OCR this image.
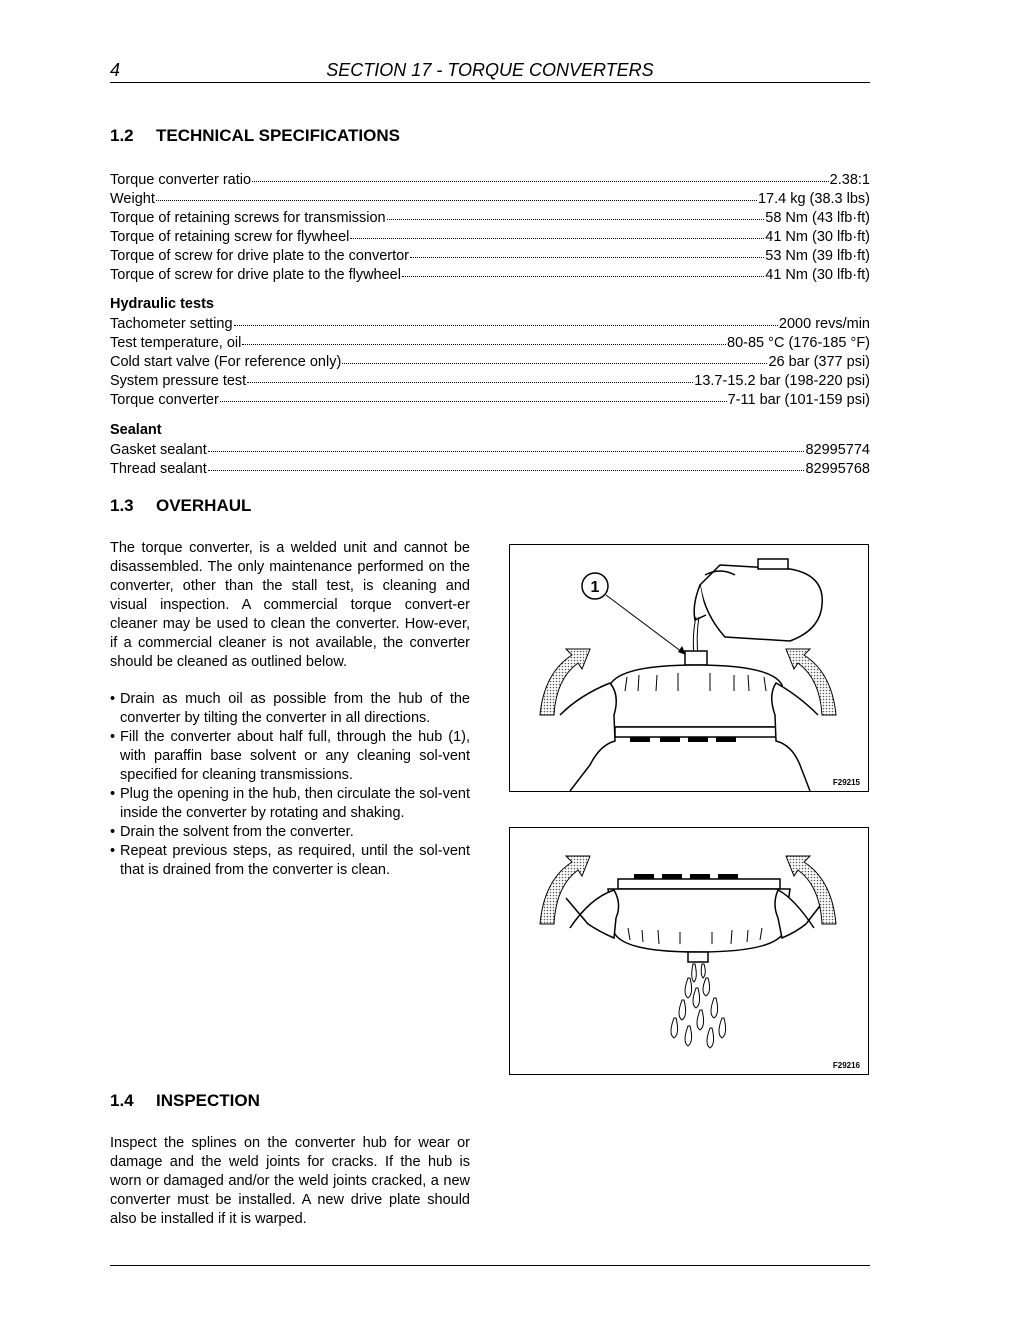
4	SECTION 17 - TORQUE CONVERTERS
1.2 TECHNICAL SPECIFICATIONS
Torque converter ratio	2.38:1
Weight	17.4 kg (38.3 lbs)
Torque of retaining screws for transmission	58 Nm (43 lfb·ft)
Torque of retaining screw for flywheel	41 Nm (30 lfb·ft)
Torque of screw for drive plate to the convertor	53 Nm (39 lfb·ft)
Torque of screw for drive plate to the flywheel	41 Nm (30 lfb·ft)
Hydraulic tests
Tachometer setting	2000 revs/min
Test temperature, oil	80-85 °C (176-185 °F)
Cold start valve (For reference only)	26 bar (377 psi)
System pressure test	13.7-15.2 bar (198-220 psi)
Torque converter	7-11 bar (101-159 psi)
Sealant
Gasket sealant	82995774
Thread sealant	82995768
1.3 OVERHAUL
The torque converter, is a welded unit and cannot be disassembled. The only maintenance performed on the converter, other than the stall test, is cleaning and visual inspection. A commercial torque convert-er cleaner may be used to clean the converter. How-ever, if a commercial cleaner is not available, the converter should be cleaned as outlined below.
• Drain as much oil as possible from the hub of the converter by tilting the converter in all directions.
• Fill the converter about half full, through the hub (1), with paraffin base solvent or any cleaning sol-vent specified for cleaning transmissions.
• Plug the opening in the hub, then circulate the sol-vent inside the converter by rotating and shaking.
• Drain the solvent from the converter.
• Repeat previous steps, as required, until the sol-vent that is drained from the converter is clean.
1
F29215
F29216
1.4 INSPECTION
Inspect the splines on the converter hub for wear or damage and the weld joints for cracks. If the hub is worn or damaged and/or the weld joints cracked, a new converter must be installed. A new drive plate should also be installed if it is warped.
